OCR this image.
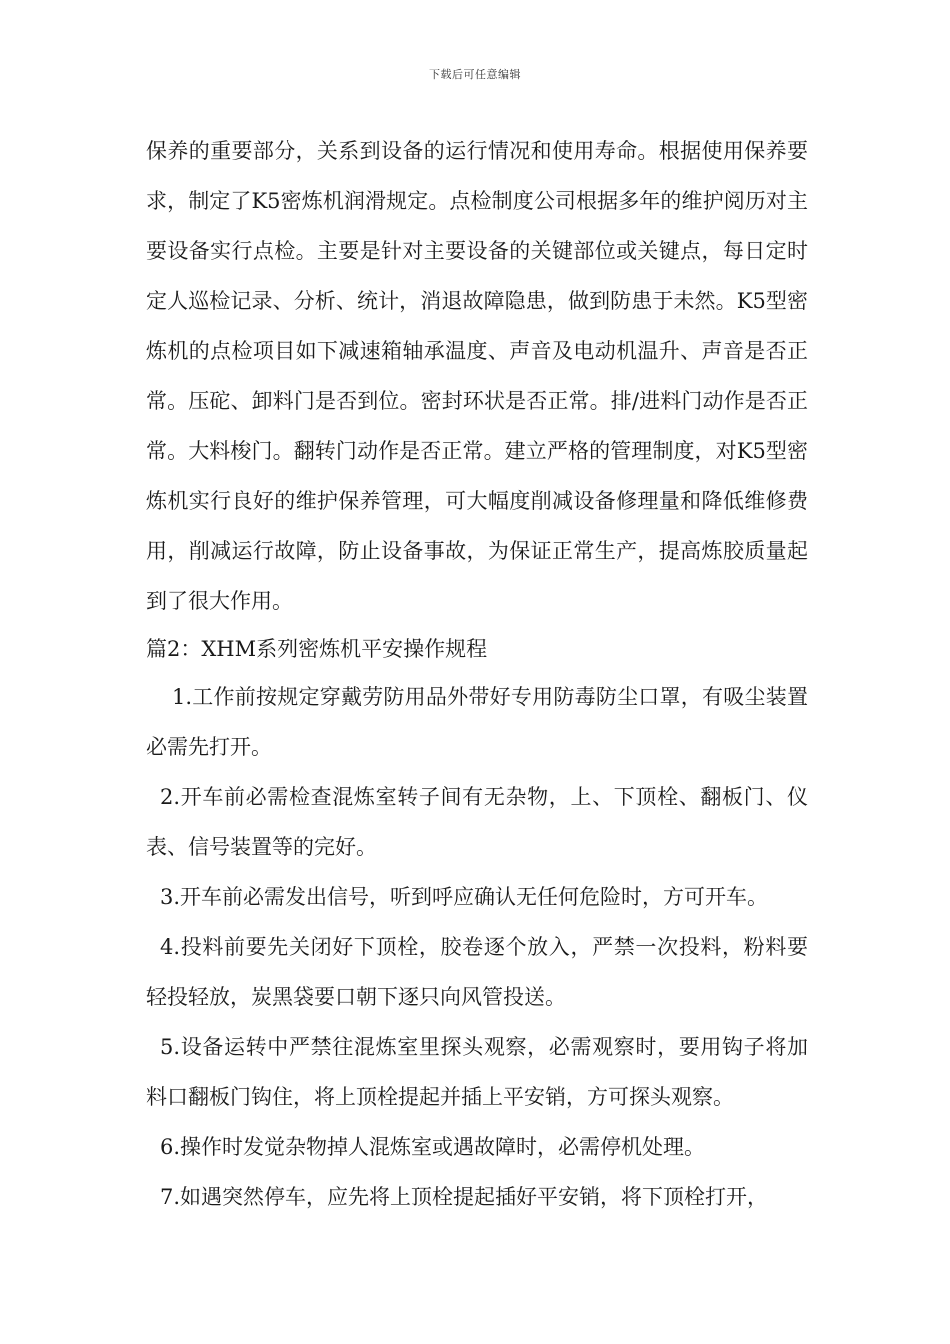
下载后可任意编辑

保养的重要部分，关系到设备的运行情况和使用寿命。根据使用保养要求，制定了K5密炼机润滑规定。点检制度公司根据多年的维护阅历对主要设备实行点检。主要是针对主要设备的关键部位或关键点，每日定时定人巡检记录、分析、统计，消退故障隐患，做到防患于未然。K5型密炼机的点检项目如下减速箱轴承温度、声音及电动机温升、声音是否正常。压砣、卸料门是否到位。密封环状是否正常。排/进料门动作是否正常。大料梭门。翻转门动作是否正常。建立严格的管理制度，对K5型密炼机实行良好的维护保养管理，可大幅度削减设备修理量和降低维修费用，削减运行故障，防止设备事故，为保证正常生产，提高炼胶质量起到了很大作用。

篇2：XHM系列密炼机平安操作规程

1.工作前按规定穿戴劳防用品外带好专用防毒防尘口罩，有吸尘装置必需先打开。

2.开车前必需检查混炼室转子间有无杂物，上、下顶栓、翻板门、仪表、信号装置等的完好。

3.开车前必需发出信号，听到呼应确认无任何危险时，方可开车。

4.投料前要先关闭好下顶栓，胶卷逐个放入，严禁一次投料，粉料要轻投轻放，炭黑袋要口朝下逐只向风管投送。

5.设备运转中严禁往混炼室里探头观察，必需观察时，要用钩子将加料口翻板门钩住，将上顶栓提起并插上平安销，方可探头观察。

6.操作时发觉杂物掉人混炼室或遇故障时，必需停机处理。

7.如遇突然停车，应先将上顶栓提起插好平安销，将下顶栓打开，
